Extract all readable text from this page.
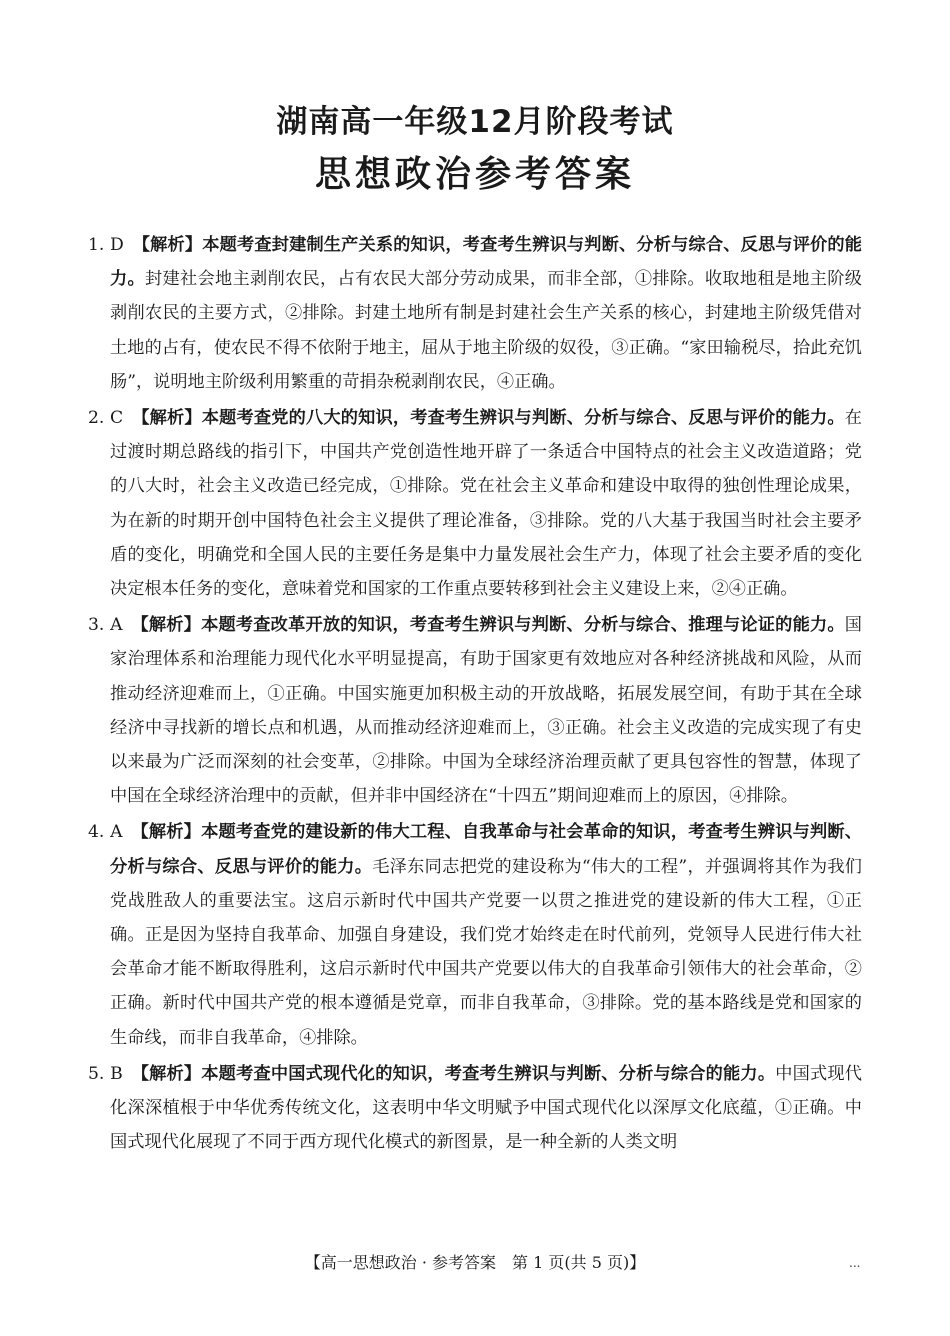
湖南高一年级12月阶段考试
思想政治参考答案

1. D　 【解析】本题考查封建制生产关系的知识，考查考生辨识与判断、分析与综合、反思与评价的能力。封建社会地主剥削农民，占有农民大部分劳动成果，而非全部，①排除。收取地租是地主阶级剥削农民的主要方式，②排除。封建土地所有制是封建社会生产关系的核心，封建地主阶级凭借对土地的占有，使农民不得不依附于地主，屈从于地主阶级的奴役，③正确。“家田输税尽，拾此充饥肠”，说明地主阶级利用繁重的苛捐杂税剥削农民，④正确。

2. C　 【解析】本题考查党的八大的知识，考查考生辨识与判断、分析与综合、反思与评价的能力。在过渡时期总路线的指引下，中国共产党创造性地开辟了一条适合中国特点的社会主义改造道路；党的八大时，社会主义改造已经完成，①排除。党在社会主义革命和建设中取得的独创性理论成果，为在新的时期开创中国特色社会主义提供了理论准备，③排除。党的八大基于我国当时社会主要矛盾的变化，明确党和全国人民的主要任务是集中力量发展社会生产力，体现了社会主要矛盾的变化决定根本任务的变化，意味着党和国家的工作重点要转移到社会主义建设上来，②④正确。

3. A　 【解析】本题考查改革开放的知识，考查考生辨识与判断、分析与综合、推理与论证的能力。国家治理体系和治理能力现代化水平明显提高，有助于国家更有效地应对各种经济挑战和风险，从而推动经济迎难而上，①正确。中国实施更加积极主动的开放战略，拓展发展空间，有助于其在全球经济中寻找新的增长点和机遇，从而推动经济迎难而上，③正确。社会主义改造的完成实现了有史以来最为广泛而深刻的社会变革，②排除。中国为全球经济治理贡献了更具包容性的智慧，体现了中国在全球经济治理中的贡献，但并非中国经济在“十四五”期间迎难而上的原因，④排除。

4. A　 【解析】本题考查党的建设新的伟大工程、自我革命与社会革命的知识，考查考生辨识与判断、分析与综合、反思与评价的能力。毛泽东同志把党的建设称为“伟大的工程”，并强调将其作为我们党战胜敌人的重要法宝。这启示新时代中国共产党要一以贯之推进党的建设新的伟大工程，①正确。正是因为坚持自我革命、加强自身建设，我们党才始终走在时代前列，党领导人民进行伟大社会革命才能不断取得胜利，这启示新时代中国共产党要以伟大的自我革命引领伟大的社会革命，②正确。新时代中国共产党的根本遵循是党章，而非自我革命，③排除。党的基本路线是党和国家的生命线，而非自我革命，④排除。

5. B　 【解析】本题考查中国式现代化的知识，考查考生辨识与判断、分析与综合的能力。中国式现代化深深植根于中华优秀传统文化，这表明中华文明赋予中国式现代化以深厚文化底蕴，①正确。中国式现代化展现了不同于西方现代化模式的新图景，是一种全新的人类文明

【高一思想政治 · 参考答案　第 1 页(共 5 页)】	...
